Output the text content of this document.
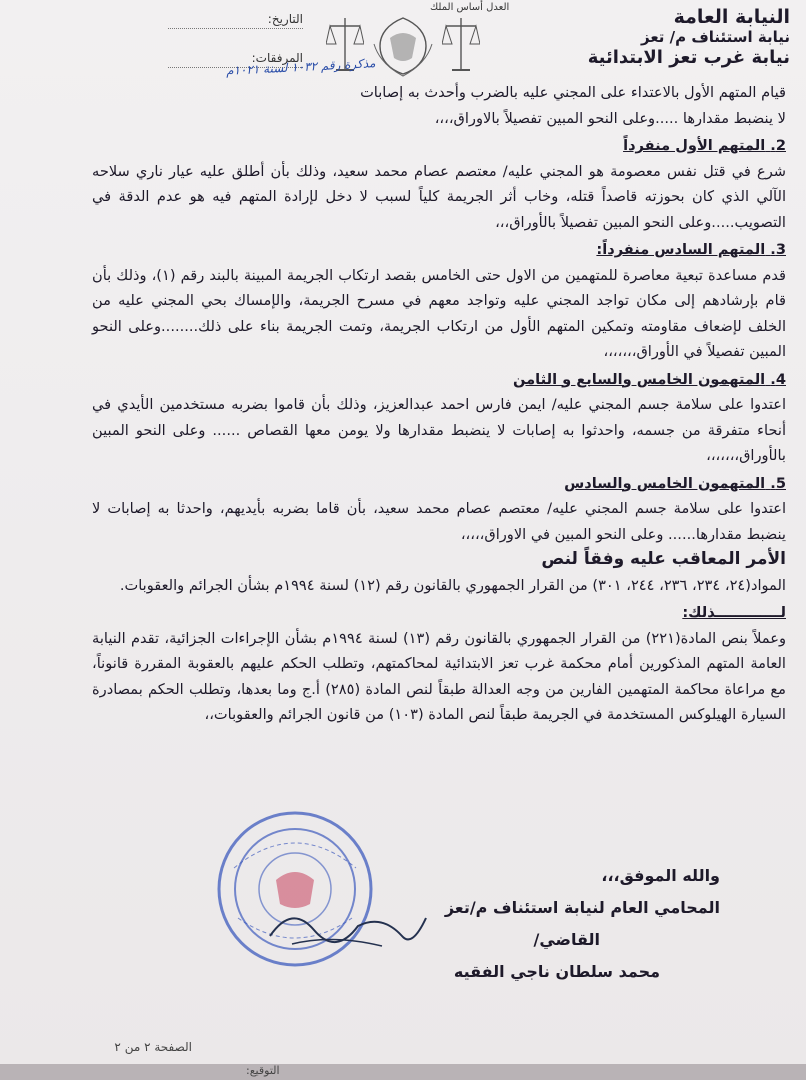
النيابة العامة
نيابة استئناف م/ تعز
نيابة غرب تعز الابتدائية
العدل أساس الملك
التاريخ:
المرفقات:
مذكرة رقم ١٠٣٢ لسنة ١٠٢١م

قيام المتهم الأول بالاعتداء على المجني عليه بالضرب وأحدث به إصابات

لا ينضبط مقدارها .....وعلى النحو المبين تفصيلاً بالاوراق،،،،

2. المتهم الأول منفرداً

شرع في قتل نفس معصومة هو المجني عليه/ معتصم عصام محمد سعيد، وذلك بأن أطلق عليه عيار ناري سلاحه الآلي الذي كان بحوزته قاصداً قتله، وخاب أثر الجريمة كلياً لسبب لا دخل لإرادة المتهم فيه هو عدم الدقة في التصويب.....وعلى النحو المبين تفصيلاً بالأوراق،،،

3. المتهم السادس منفرداً:

قدم مساعدة تبعية معاصرة للمتهمين من الاول حتى الخامس بقصد ارتكاب الجريمة المبينة بالبند رقم (١)، وذلك بأن قام بإرشادهم إلى مكان تواجد المجني عليه وتواجد معهم في مسرح الجريمة، والإمساك بحي المجني عليه من الخلف لإضعاف مقاومته وتمكين المتهم الأول من ارتكاب الجريمة، وتمت الجريمة بناء على ذلك........وعلى النحو المبين تفصيلاً في الأوراق،،،،،،،

4. المتهمون الخامس والسابع و الثامن

اعتدوا على سلامة جسم المجني عليه/ ايمن فارس احمد عبدالعزيز، وذلك بأن قاموا بضربه مستخدمين الأيدي في أنحاء متفرقة من جسمه، واحدثوا به إصابات لا ينضبط مقدارها ولا يومن معها القصاص ...... وعلى النحو المبين بالأوراق،،،،،،،

5. المتهمون الخامس والسادس

اعتدوا على سلامة جسم المجني عليه/ معتصم عصام محمد سعيد، بأن قاما بضربه بأيديهم، واحدثا به إصابات لا ينضبط مقدارها...... وعلى النحو المبين في الاوراق،،،،،

الأمر المعاقب عليه وفقاً لنص

المواد(٢٤، ٢٣٤، ٢٣٦، ٢٤٤، ٣٠١) من القرار الجمهوري بالقانون رقم (١٢) لسنة ١٩٩٤م بشأن الجرائم والعقوبات.

لـــــــــــــذلك:

وعملاً بنص المادة(٢٢١) من القرار الجمهوري بالقانون رقم (١٣) لسنة ١٩٩٤م بشأن الإجراءات الجزائية، تقدم النيابة العامة المتهم المذكورين أمام محكمة غرب تعز الابتدائية لمحاكمتهم، وتطلب الحكم عليهم بالعقوبة المقررة قانوناً، مع مراعاة محاكمة المتهمين الفارين من وجه العدالة طبقاً لنص المادة (٢٨٥) أ.ج وما بعدها، وتطلب الحكم بمصادرة السيارة الهيلوكس المستخدمة في الجريمة طبقاً لنص المادة (١٠٣) من قانون الجرائم والعقوبات،،

والله الموفق،،،
المحامي العام لنيابة استئناف م/تعز
القاضي/
محمد سلطان ناجي الفقيه
الصفحة ٢ من ٢
التوقيع:
